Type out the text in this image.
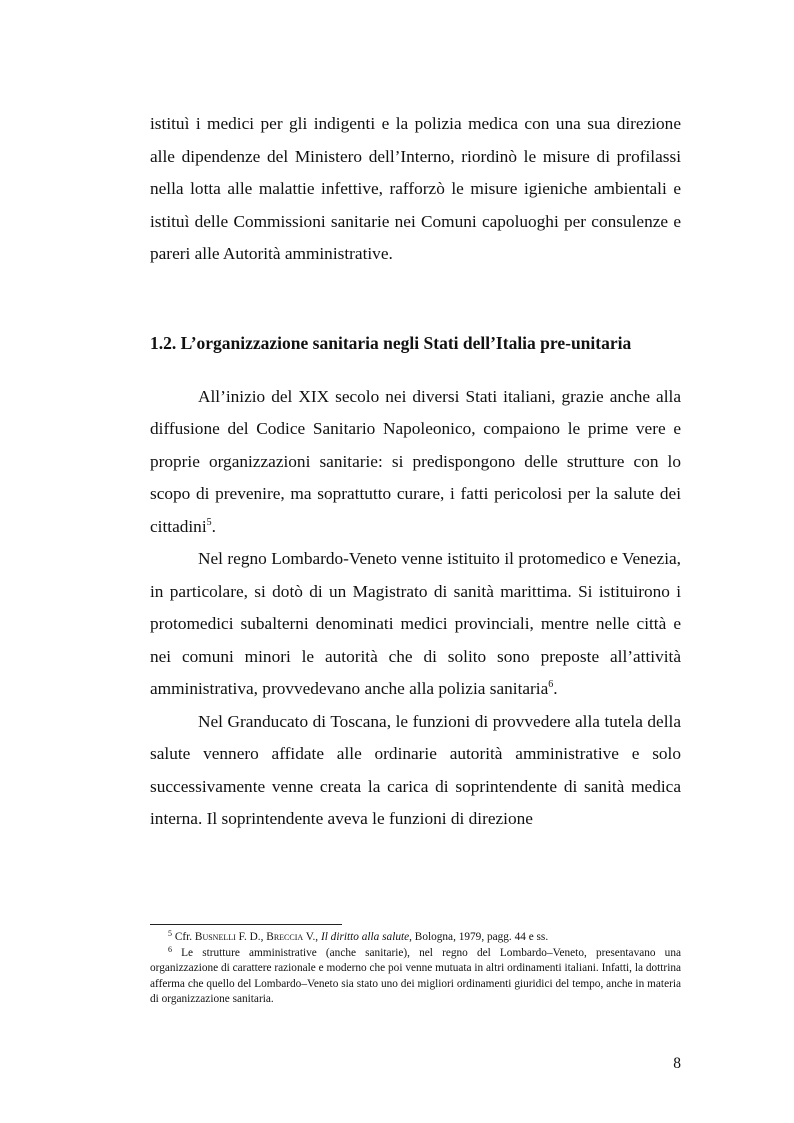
istituì i medici per gli indigenti e la polizia medica con una sua direzione alle dipendenze del Ministero dell’Interno, riordinò le misure di profilassi nella lotta alle malattie infettive, rafforzò le misure igieniche ambientali e istituì delle Commissioni sanitarie nei Comuni capoluoghi per consulenze e pareri alle Autorità amministrative.

1.2. L’organizzazione sanitaria negli Stati dell’Italia pre-unitaria

All’inizio del XIX secolo nei diversi Stati italiani, grazie anche alla diffusione del Codice Sanitario Napoleonico, compaiono le prime vere e proprie organizzazioni sanitarie: si predispongono delle strutture con lo scopo di prevenire, ma soprattutto curare, i fatti pericolosi per la salute dei cittadini$^5$.

Nel regno Lombardo-Veneto venne istituito il protomedico e Venezia, in particolare, si dotò di un Magistrato di sanità marittima. Si istituirono i protomedici subalterni denominati medici provinciali, mentre nelle città e nei comuni minori le autorità che di solito sono preposte all’attività amministrativa, provvedevano anche alla polizia sanitaria$^6$.

Nel Granducato di Toscana, le funzioni di provvedere alla tutela della salute vennero affidate alle ordinarie autorità amministrative e solo successivamente venne creata la carica di soprintendente di sanità medica interna. Il soprintendente aveva le funzioni di direzione

$^5$ Cfr. Busnelli F. D., Breccia V., Il diritto alla salute, Bologna, 1979, pagg. 44 e ss.

$^6$ Le strutture amministrative (anche sanitarie), nel regno del Lombardo–Veneto, presentavano una organizzazione di carattere razionale e moderno che poi venne mutuata in altri ordinamenti italiani. Infatti, la dottrina afferma che quello del Lombardo–Veneto sia stato uno dei migliori ordinamenti giuridici del tempo, anche in materia di organizzazione sanitaria.

8
